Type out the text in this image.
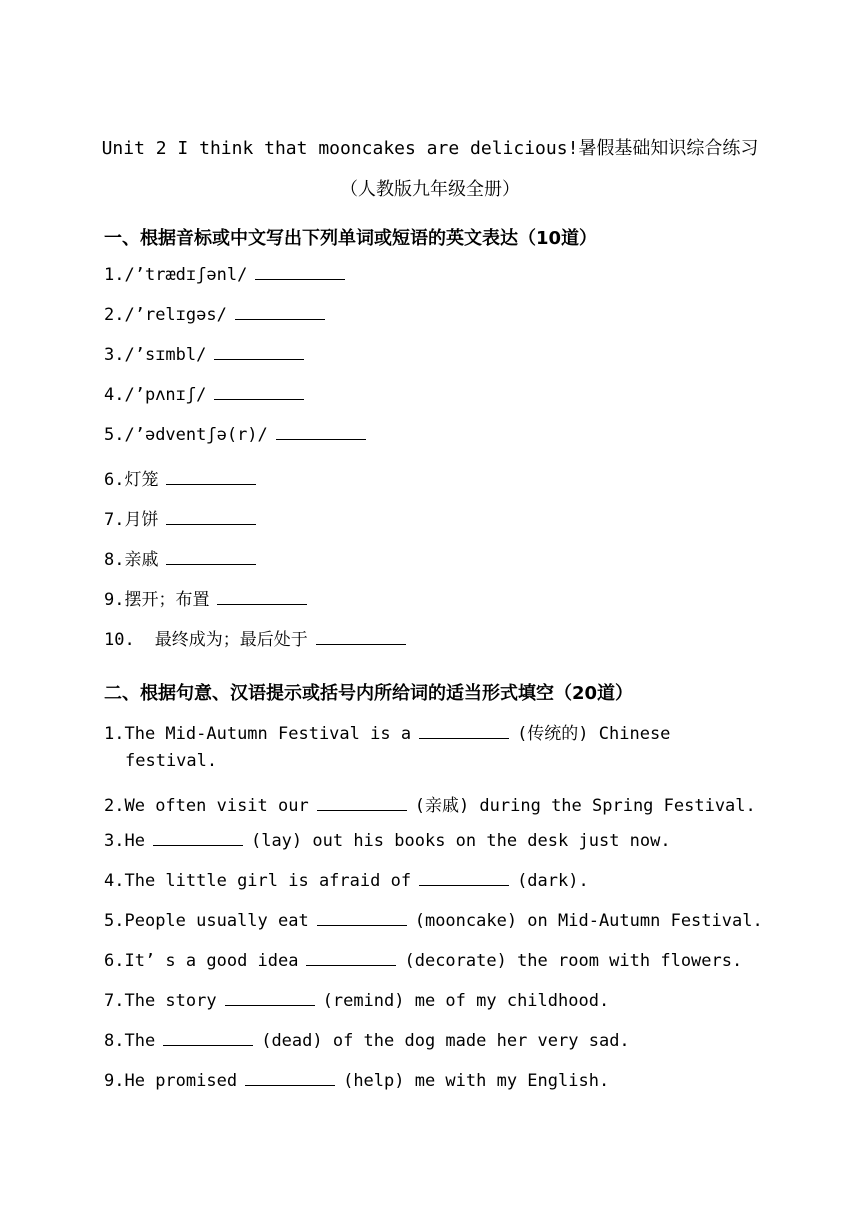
Unit 2 I think that mooncakes are delicious!暑假基础知识综合练习
（人教版九年级全册）
一、根据音标或中文写出下列单词或短语的英文表达（10道）
1./’trædɪʃənl/
2./’relɪgəs/
3./’sɪmbl/
4./’pʌnɪʃ/
5./’ədventʃə(r)/
6.灯笼
7.月饼
8.亲戚
9.摆开；布置
10. 最终成为；最后处于
二、根据句意、汉语提示或括号内所给词的适当形式填空（20道）
1.The Mid-Autumn Festival is a	(传统的) Chinese
festival.
2.We often visit our	(亲戚) during the Spring Festival.
3.He	(lay) out his books on the desk just now.
4.The little girl is afraid of	(dark).
5.People usually eat	(mooncake) on Mid-Autumn Festival.
6.It’ s a good idea	(decorate) the room with flowers.
7.The story	(remind) me of my childhood.
8.The	(dead) of the dog made her very sad.
9.He promised	(help) me with my English.
